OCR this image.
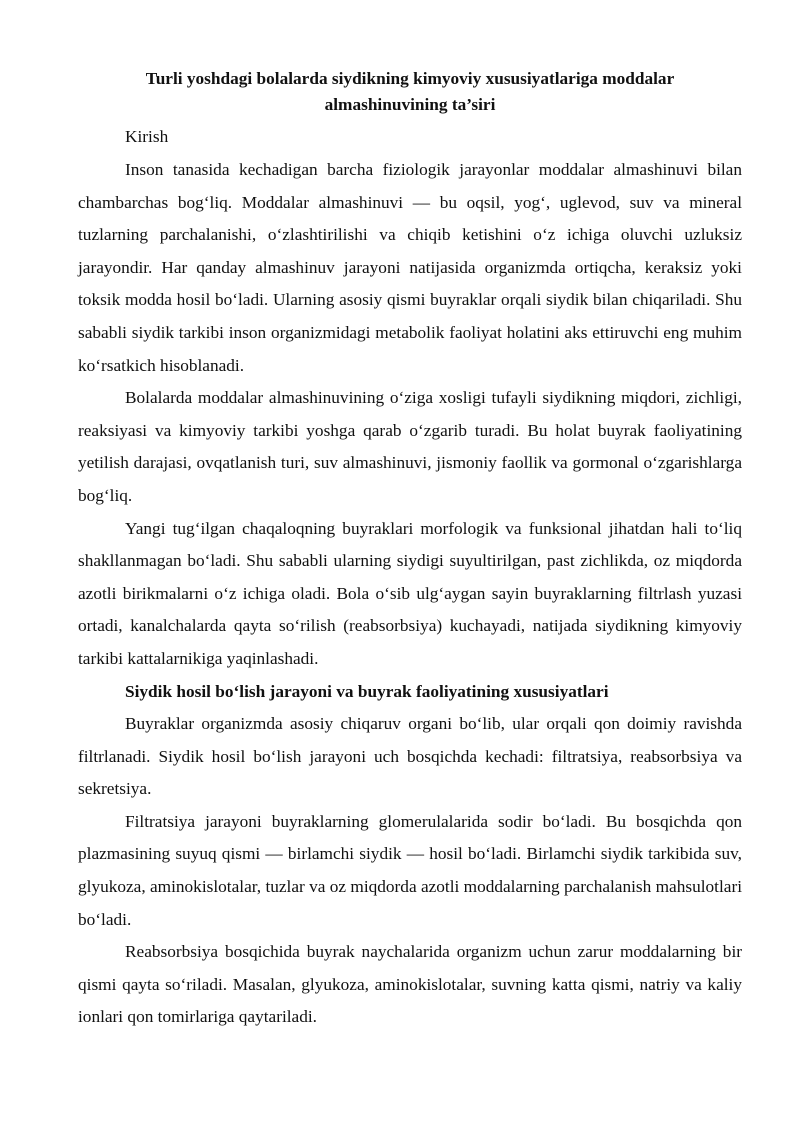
Turli yoshdagi bolalarda siydikning kimyoviy xususiyatlariga moddalar almashinuvining ta’siri

Kirish

Inson tanasida kechadigan barcha fiziologik jarayonlar moddalar almashinuvi bilan chambarchas bog‘liq. Moddalar almashinuvi — bu oqsil, yog‘, uglevod, suv va mineral tuzlarning parchalanishi, o‘zlashtirilishi va chiqib ketishini o‘z ichiga oluvchi uzluksiz jarayondir. Har qanday almashinuv jarayoni natijasida organizmda ortiqcha, keraksiz yoki toksik modda hosil bo‘ladi. Ularning asosiy qismi buyraklar orqali siydik bilan chiqariladi. Shu sababli siydik tarkibi inson organizmidagi metabolik faoliyat holatini aks ettiruvchi eng muhim ko‘rsatkich hisoblanadi.

Bolalarda moddalar almashinuvining o‘ziga xosligi tufayli siydikning miqdori, zichligi, reaksiyasi va kimyoviy tarkibi yoshga qarab o‘zgarib turadi. Bu holat buyrak faoliyatining yetilish darajasi, ovqatlanish turi, suv almashinuvi, jismoniy faollik va gormonal o‘zgarishlarga bog‘liq.

Yangi tug‘ilgan chaqaloqning buyraklari morfologik va funksional jihatdan hali to‘liq shakllanmagan bo‘ladi. Shu sababli ularning siydigi suyultirilgan, past zichlikda, oz miqdorda azotli birikmalarni o‘z ichiga oladi. Bola o‘sib ulg‘aygan sayin buyraklarning filtrlash yuzasi ortadi, kanalchalarda qayta so‘rilish (reabsorbsiya) kuchayadi, natijada siydikning kimyoviy tarkibi kattalarnikiga yaqinlashadi.

Siydik hosil bo‘lish jarayoni va buyrak faoliyatining xususiyatlari

Buyraklar organizmda asosiy chiqaruv organi bo‘lib, ular orqali qon doimiy ravishda filtrlanadi. Siydik hosil bo‘lish jarayoni uch bosqichda kechadi: filtratsiya, reabsorbsiya va sekretsiya.

Filtratsiya jarayoni buyraklarning glomerulalarida sodir bo‘ladi. Bu bosqichda qon plazmasining suyuq qismi — birlamchi siydik — hosil bo‘ladi. Birlamchi siydik tarkibida suv, glyukoza, aminokislotalar, tuzlar va oz miqdorda azotli moddalarning parchalanish mahsulotlari bo‘ladi.

Reabsorbsiya bosqichida buyrak naychalarida organizm uchun zarur moddalarning bir qismi qayta so‘riladi. Masalan, glyukoza, aminokislotalar, suvning katta qismi, natriy va kaliy ionlari qon tomirlariga qaytariladi.
